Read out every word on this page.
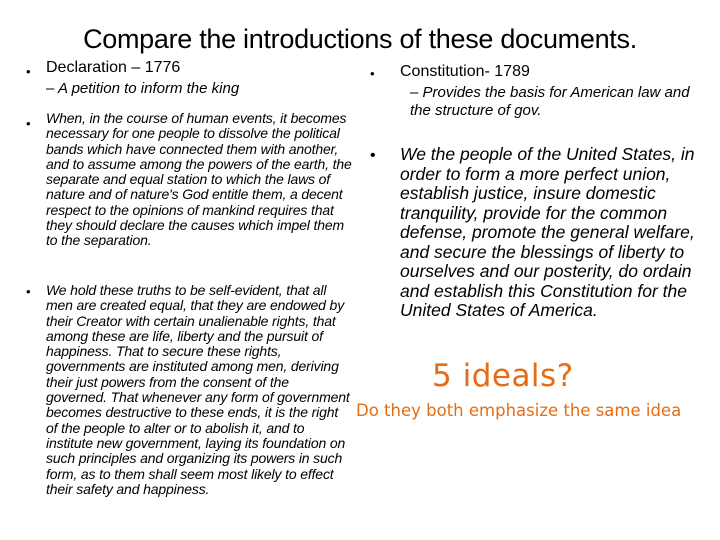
Compare the introductions of these documents.
• Declaration – 1776
– A petition to inform the king
• When, in the course of human events, it becomes necessary for one people to dissolve the political bands which have connected them with another, and to assume among the powers of the earth, the separate and equal station to which the laws of nature and of nature's God entitle them, a decent respect to the opinions of mankind requires that they should declare the causes which impel them to the separation.
• We hold these truths to be self-evident, that all men are created equal, that they are endowed by their Creator with certain unalienable rights, that among these are life, liberty and the pursuit of happiness. That to secure these rights, governments are instituted among men, deriving their just powers from the consent of the governed. That whenever any form of government becomes destructive to these ends, it is the right of the people to alter or to abolish it, and to institute new government, laying its foundation on such principles and organizing its powers in such form, as to them shall seem most likely to effect their safety and happiness.
• Constitution- 1789
– Provides the basis for American law and the structure of gov.
• We the people of the United States, in order to form a more perfect union, establish justice, insure domestic tranquility, provide for the common defense, promote the general welfare, and secure the blessings of liberty to ourselves and our posterity, do ordain and establish this Constitution for the United States of America.
5 ideals?
Do they both emphasize the same idea
